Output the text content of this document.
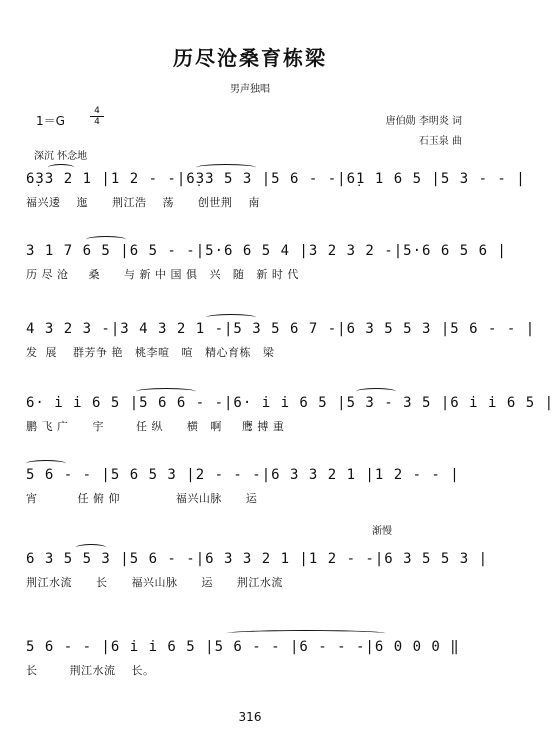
历尽沧桑育栋梁
男声独唱
1＝G
4
4	唐伯勋 李明炎 词
石玉泉 曲
深沉 怀念地
6̣33 2 1 |1 2 - -|6̣33 5 3 |5 6 - -|6̣1 1 6 5 |5 3 - - |
福兴逶    迤      荆江浩    荡      创世荆    南
3 1 7 6 5 |6 5 - -|5·6 6 5 4 |3 2 3 2 -|5·6 6 5 6 |
历 尽 沧     桑      与 新 中 国 俱   兴   随   新 时 代
4 3 2 3 -|3 4 3 2 1 -|5 3 5 6 7 -|6 3 5 5 3 |5 6 - - |
发  展    群芳争 艳   桃李喧   喧   精心育栋   梁
6· i i 6 5 |5 6 6 - -|6· i i 6 5 |5 3 - 3 5 |6 i i 6 5 |
鹏 飞 广      宇        任 纵      横   啊     鹰 搏 重
5 6 - - |5 6 5 3 |2 - - -|6 3 3 2 1 |1 2 - - |
宵          任 俯 仰              福兴山脉      运
渐慢
6 3 5 5 3 |5 6 - -|6 3 3 2 1 |1 2 - -|6 3 5 5 3 |
荆江水流      长      福兴山脉      运      荆江水流
5 6 - - |6 i i 6 5 |5 6 - - |6 - - -|6 0 0 0 ‖
长        荆江水流    长。
316
